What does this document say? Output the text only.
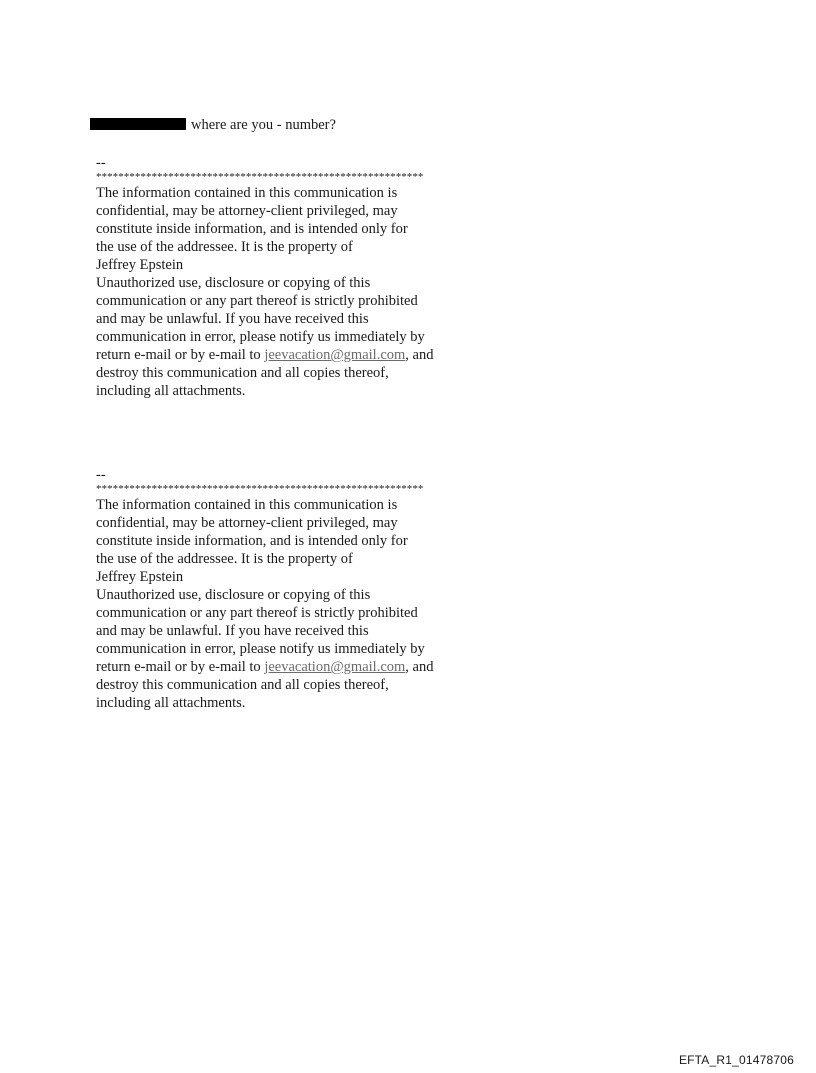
where are you - number?
--
***********************************************************
The information contained in this communication is
confidential, may be attorney-client privileged, may
constitute inside information, and is intended only for
the use of the addressee. It is the property of
Jeffrey Epstein
Unauthorized use, disclosure or copying of this
communication or any part thereof is strictly prohibited
and may be unlawful. If you have received this
communication in error, please notify us immediately by
return e-mail or by e-mail to jeevacation@gmail.com, and
destroy this communication and all copies thereof,
including all attachments.
--
***********************************************************
The information contained in this communication is
confidential, may be attorney-client privileged, may
constitute inside information, and is intended only for
the use of the addressee. It is the property of
Jeffrey Epstein
Unauthorized use, disclosure or copying of this
communication or any part thereof is strictly prohibited
and may be unlawful. If you have received this
communication in error, please notify us immediately by
return e-mail or by e-mail to jeevacation@gmail.com, and
destroy this communication and all copies thereof,
including all attachments.
EFTA_R1_01478706
